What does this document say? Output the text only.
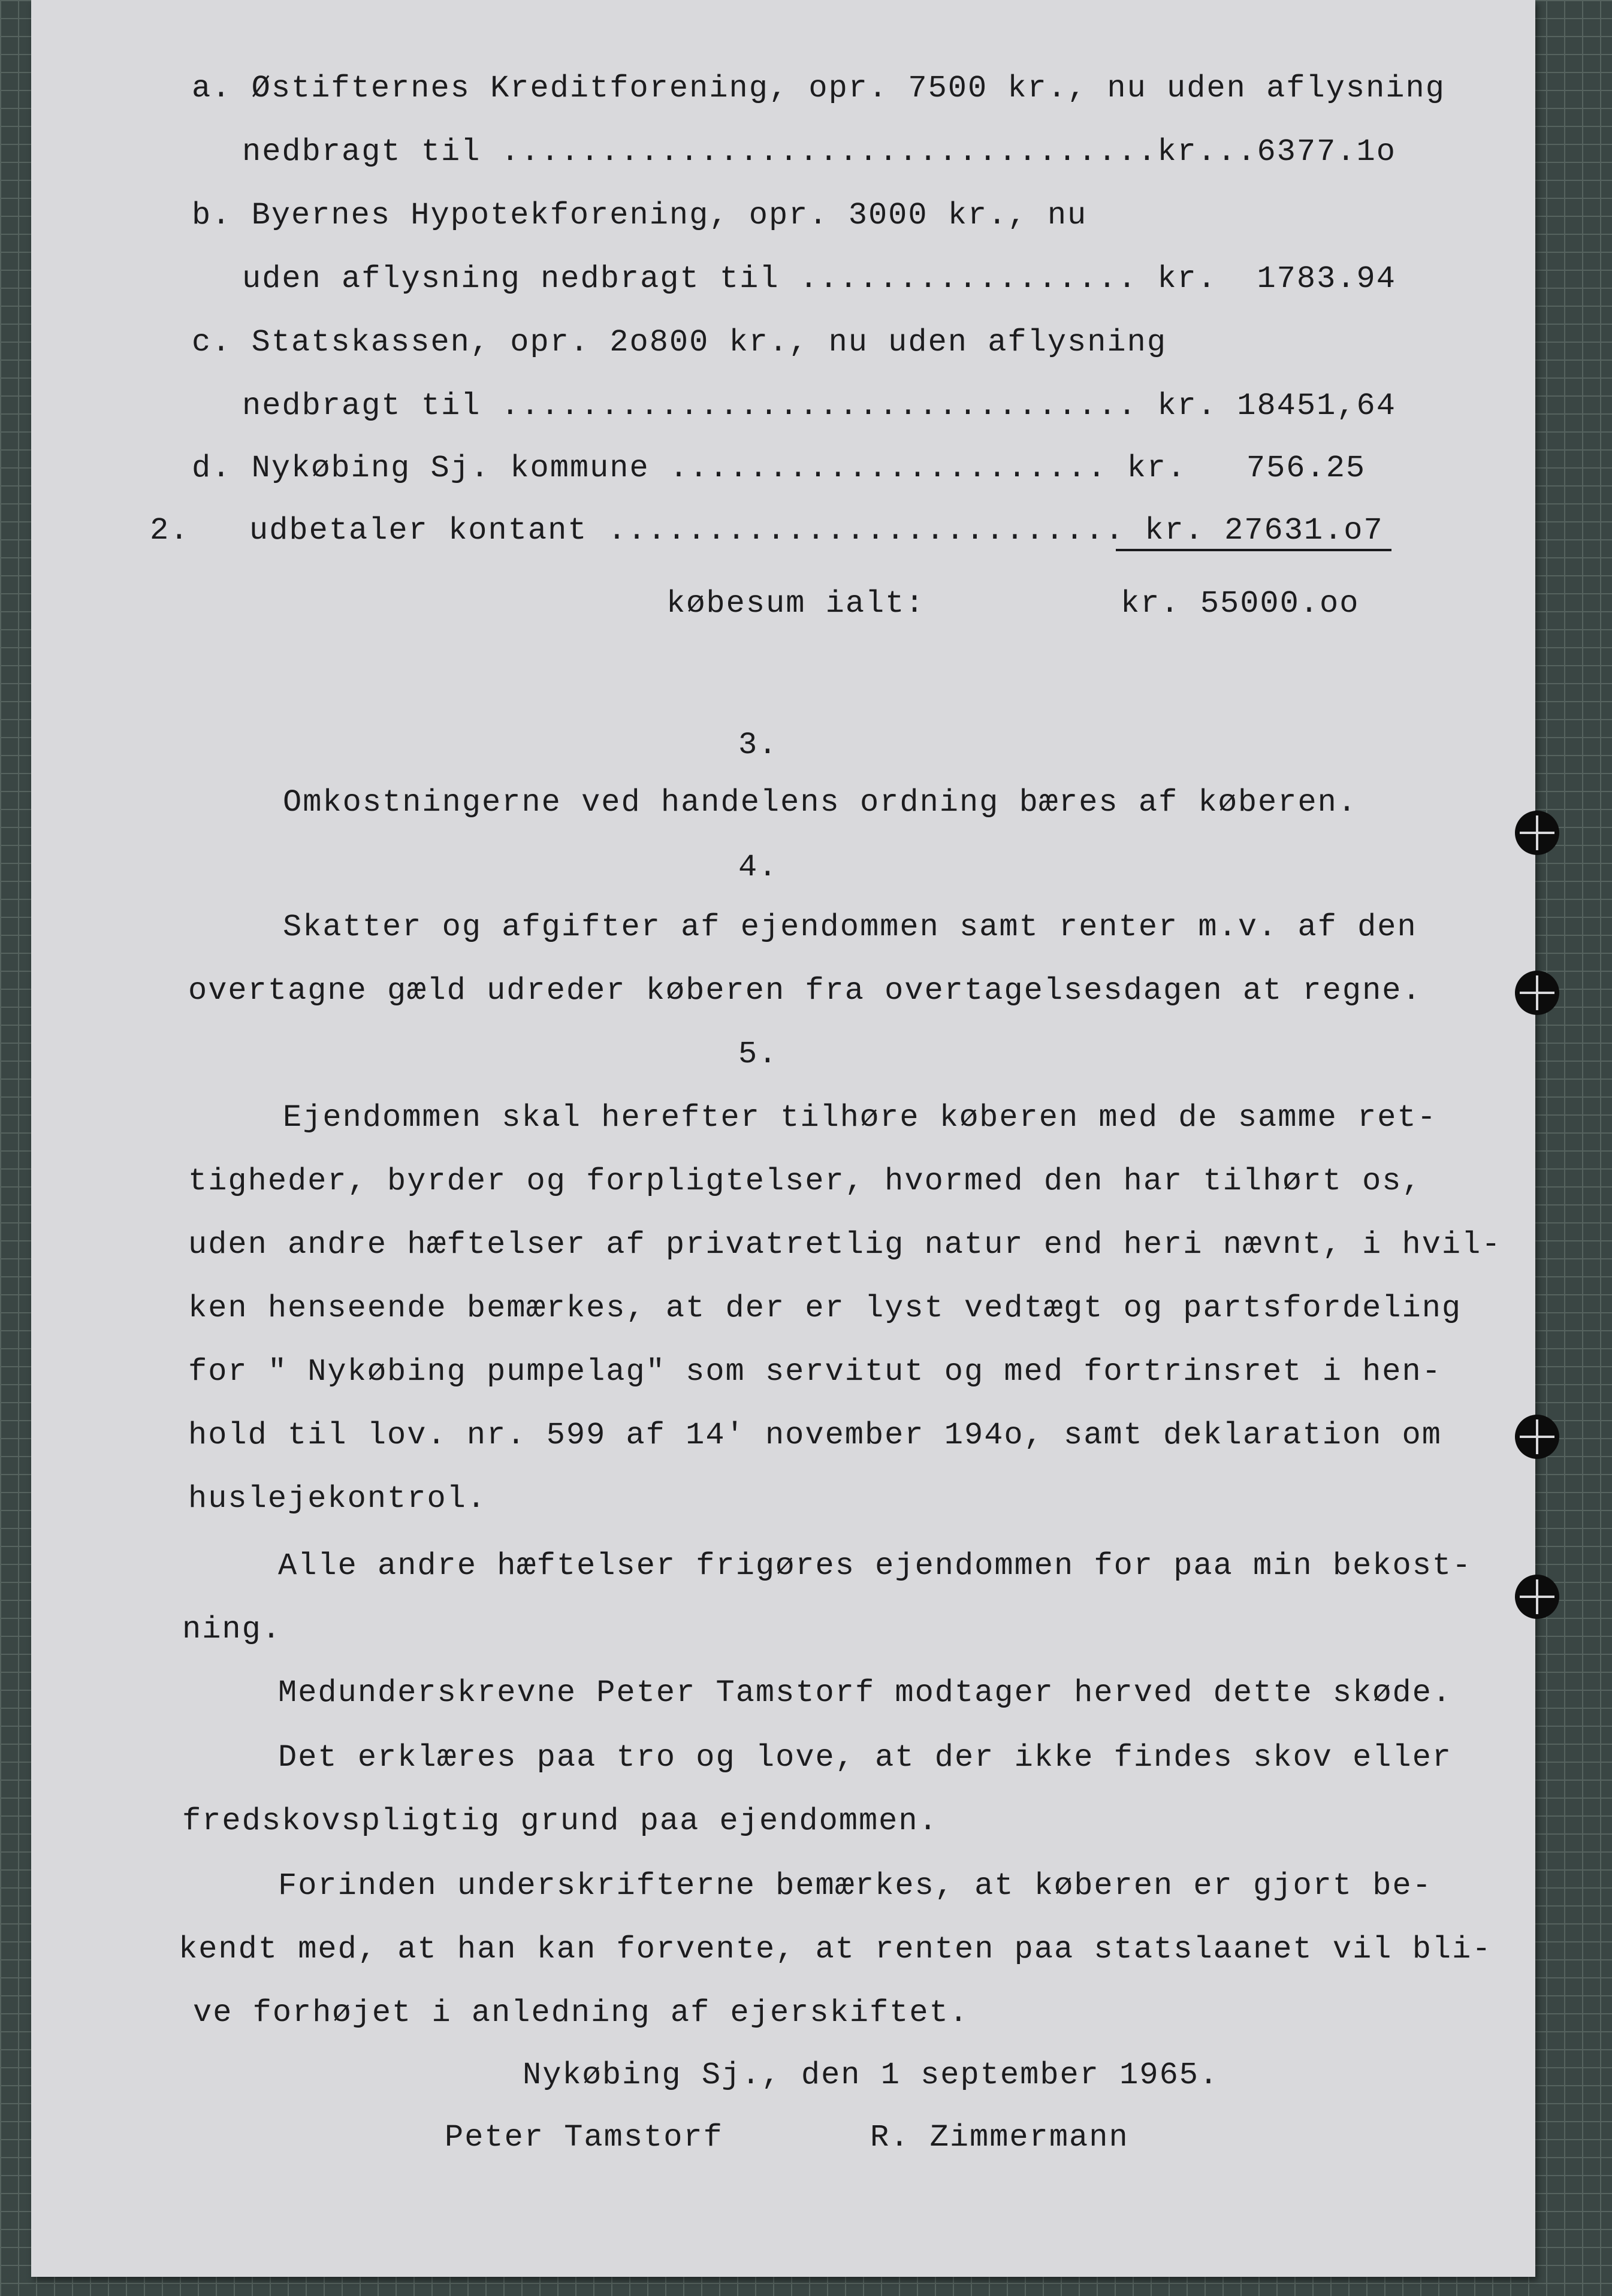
a. Østifternes Kreditforening, opr. 7500 kr., nu uden aflysning
nedbragt til .................................kr...6377.1o
b. Byernes Hypotekforening, opr. 3000 kr., nu
uden aflysning nedbragt til ................. kr.  1783.94
c. Statskassen, opr. 2o800 kr., nu uden aflysning
nedbragt til ................................ kr. 18451,64
d. Nykøbing Sj. kommune ...................... kr.   756.25
2.   udbetaler kontant .......................... kr. 27631.o7
købesum ialt:	kr. 55000.oo
3.
Omkostningerne ved handelens ordning bæres af køberen.
4.
Skatter og afgifter af ejendommen samt renter m.v. af den
overtagne gæld udreder køberen fra overtagelsesdagen at regne.
5.
Ejendommen skal herefter tilhøre køberen med de samme ret-
tigheder, byrder og forpligtelser, hvormed den har tilhørt os,
uden andre hæftelser af privatretlig natur end heri nævnt, i hvil-
ken henseende bemærkes, at der er lyst vedtægt og partsfordeling
for " Nykøbing pumpelag" som servitut og med fortrinsret i hen-
hold til lov. nr. 599 af 14' november 194o, samt deklaration om
huslejekontrol.
Alle andre hæftelser frigøres ejendommen for paa min bekost-
ning.
Medunderskrevne Peter Tamstorf modtager herved dette skøde.
Det erklæres paa tro og love, at der ikke findes skov eller
fredskovspligtig grund paa ejendommen.
Forinden underskrifterne bemærkes, at køberen er gjort be-
kendt med, at han kan forvente, at renten paa statslaanet vil bli-
ve forhøjet i anledning af ejerskiftet.
Nykøbing Sj., den 1 september 1965.
Peter Tamstorf	R. Zimmermann
